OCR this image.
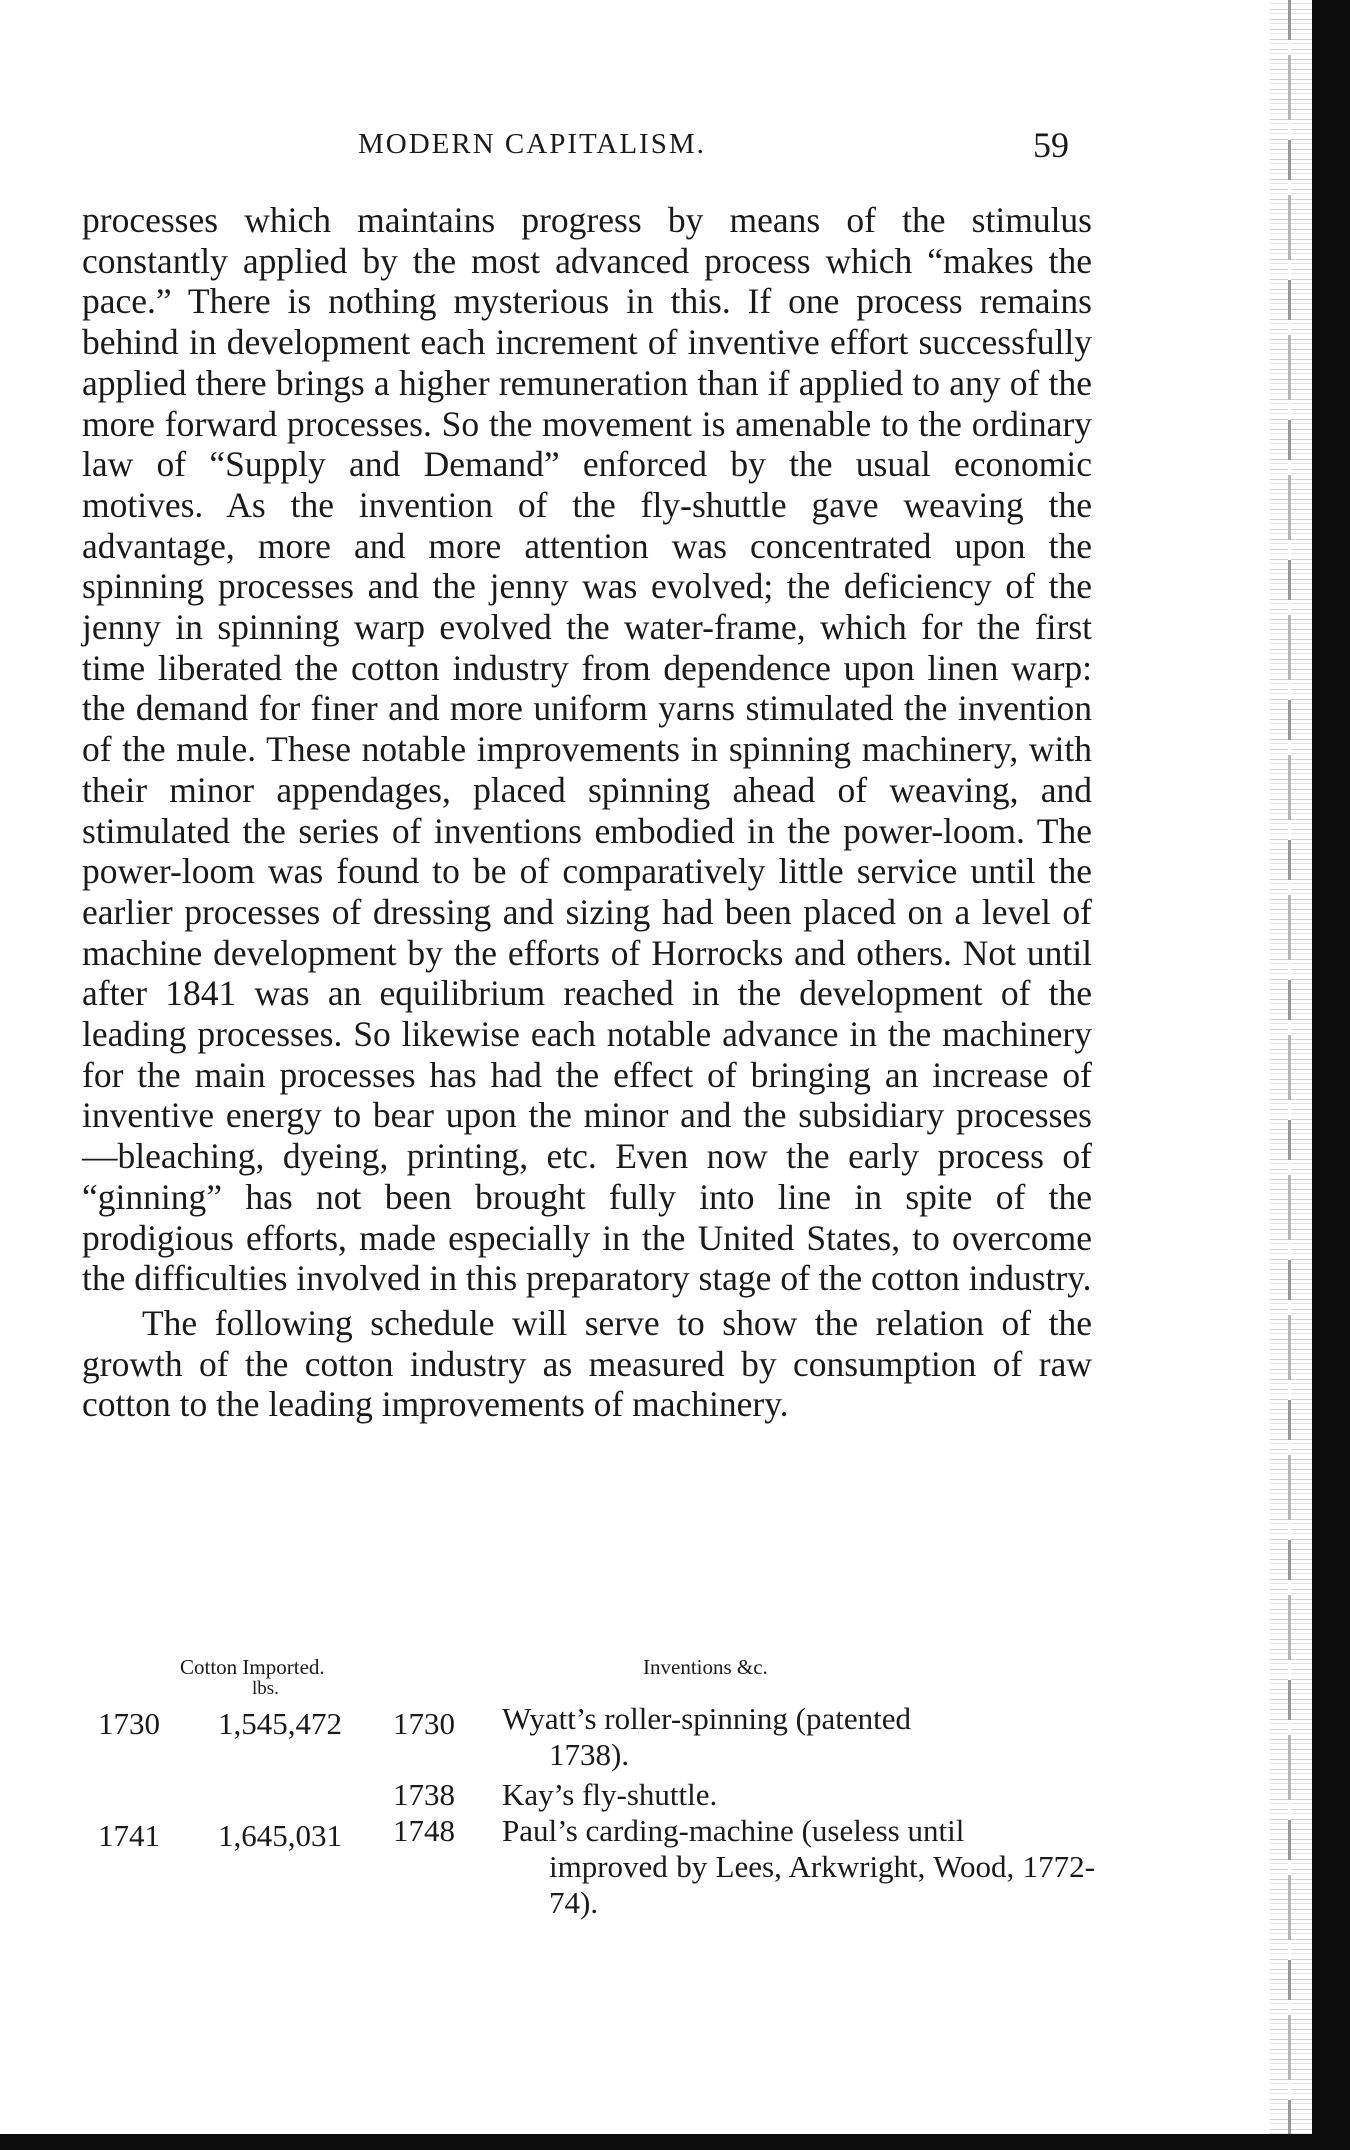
MODERN CAPITALISM.	59

processes which maintains progress by means of the stimulus constantly applied by the most advanced process which “makes the pace.” There is nothing mysterious in this. If one process remains behind in development each increment of inventive effort successfully applied there brings a higher remuneration than if applied to any of the more forward processes. So the movement is amenable to the ordinary law of “Supply and Demand” enforced by the usual economic motives. As the invention of the fly-shuttle gave weaving the advantage, more and more attention was concentrated upon the spinning processes and the jenny was evolved; the deficiency of the jenny in spinning warp evolved the water-frame, which for the first time liberated the cotton industry from dependence upon linen warp: the demand for finer and more uniform yarns stimulated the invention of the mule. These notable improvements in spinning machinery, with their minor appendages, placed spinning ahead of weaving, and stimulated the series of inventions embodied in the power-loom. The power-loom was found to be of comparatively little service until the earlier processes of dressing and sizing had been placed on a level of machine development by the efforts of Horrocks and others. Not until after 1841 was an equilibrium reached in the development of the leading processes. So likewise each notable advance in the machinery for the main processes has had the effect of bringing an increase of inventive energy to bear upon the minor and the subsidiary processes —bleaching, dyeing, printing, etc. Even now the early process of “ginning” has not been brought fully into line in spite of the prodigious efforts, made especially in the United States, to overcome the difficulties involved in this preparatory stage of the cotton industry.

The following schedule will serve to show the relation of the growth of the cotton industry as measured by consumption of raw cotton to the leading improvements of machinery.

Cotton Imported.
lbs.
Inventions &c.
1730 1,545,472 1730 Wyatt’s roller-spinning (patented
1738).
1738 Kay’s fly-shuttle.
1741 1,645,031 1748 Paul’s carding-machine (useless until
improved by Lees, Arkwright, Wood, 1772-74).
